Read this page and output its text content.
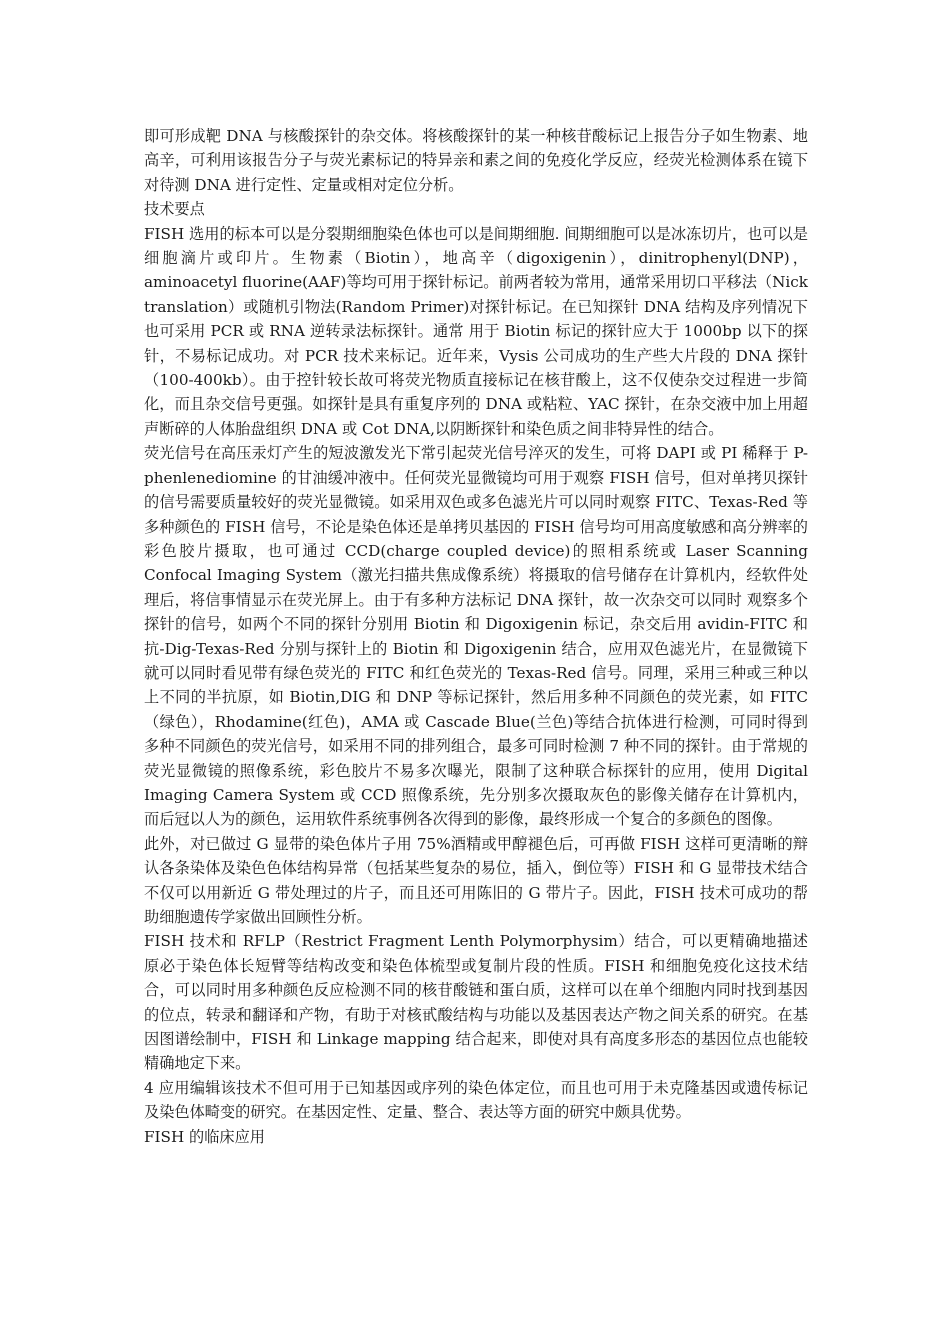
即可形成靶 DNA 与核酸探针的杂交体。将核酸探针的某一种核苷酸标记上报告分子如生物素、地高辛，可利用该报告分子与荧光素标记的特异亲和素之间的免疫化学反应，经荧光检测体系在镜下对待测 DNA 进行定性、定量或相对定位分析。

技术要点

FISH 选用的标本可以是分裂期细胞染色体也可以是间期细胞. 间期细胞可以是冰冻切片，也可以是细胞滴片或印片。生物素（Biotin），地高辛（digoxigenin），dinitrophenyl(DNP)，aminoacetyl fluorine(AAF)等均可用于探针标记。前两者较为常用，通常采用切口平移法（Nick translation）或随机引物法(Random Primer)对探针标记。在已知探针 DNA 结构及序列情况下也可采用 PCR 或 RNA 逆转录法标探针。通常 用于 Biotin 标记的探针应大于 1000bp 以下的探针，不易标记成功。对 PCR 技术来标记。近年来，Vysis 公司成功的生产些大片段的 DNA 探针（100-400kb）。由于控针较长故可将荧光物质直接标记在核苷酸上，这不仅使杂交过程进一步简化，而且杂交信号更强。如探针是具有重复序列的 DNA 或粘粒、YAC 探针，在杂交液中加上用超声断碎的人体胎盘组织 DNA 或 Cot DNA,以阴断探针和染色质之间非特异性的结合。

荧光信号在高压汞灯产生的短波激发光下常引起荧光信号淬灭的发生，可将 DAPI 或 PI 稀释于 P-phenlenediomine 的甘油缓冲液中。任何荧光显微镜均可用于观察 FISH 信号，但对单拷贝探针的信号需要质量较好的荧光显微镜。如采用双色或多色滤光片可以同时观察 FITC、Texas-Red 等多种颜色的 FISH 信号，不论是染色体还是单拷贝基因的 FISH 信号均可用高度敏感和高分辨率的彩色胶片摄取，也可通过 CCD(charge coupled device)的照相系统或 Laser Scanning Confocal Imaging System（激光扫描共焦成像系统）将摄取的信号储存在计算机内，经软件处理后，将信事情显示在荧光屏上。由于有多种方法标记 DNA 探针，故一次杂交可以同时 观察多个探针的信号，如两个不同的探针分别用 Biotin 和 Digoxigenin 标记，杂交后用 avidin-FITC 和抗-Dig-Texas-Red 分别与探针上的 Biotin 和 Digoxigenin 结合，应用双色滤光片，在显微镜下就可以同时看见带有绿色荧光的 FITC 和红色荧光的 Texas-Red 信号。同理，采用三种或三种以上不同的半抗原，如 Biotin,DIG 和 DNP 等标记探针，然后用多种不同颜色的荧光素，如 FITC（绿色），Rhodamine(红色)，AMA 或 Cascade Blue(兰色)等结合抗体进行检测，可同时得到多种不同颜色的荧光信号，如采用不同的排列组合，最多可同时检测 7 种不同的探针。由于常规的荧光显微镜的照像系统，彩色胶片不易多次曝光，限制了这种联合标探针的应用，使用 Digital Imaging Camera System 或 CCD 照像系统，先分别多次摄取灰色的影像关储存在计算机内，而后冠以人为的颜色，运用软件系统事例各次得到的影像，最终形成一个复合的多颜色的图像。

此外，对已做过 G 显带的染色体片子用 75%酒精或甲醇褪色后，可再做 FISH 这样可更清晰的辩认各条染体及染色色体结构异常（包括某些复杂的易位，插入，倒位等）FISH 和 G 显带技术结合不仅可以用新近 G 带处理过的片子，而且还可用陈旧的 G 带片子。因此，FISH 技术可成功的帮助细胞遗传学家做出回顾性分析。

FISH 技术和 RFLP（Restrict Fragment Lenth Polymorphysim）结合，可以更精确地描述原必于染色体长短臂等结构改变和染色体梳型或复制片段的性质。FISH 和细胞免疫化这技术结合，可以同时用多种颜色反应检测不同的核苷酸链和蛋白质，这样可以在单个细胞内同时找到基因的位点，转录和翻译和产物，有助于对核甙酸结构与功能以及基因表达产物之间关系的研究。在基因图谱绘制中，FISH 和 Linkage mapping 结合起来，即使对具有高度多形态的基因位点也能较精确地定下来。

4 应用编辑该技术不但可用于已知基因或序列的染色体定位，而且也可用于未克隆基因或遗传标记及染色体畸变的研究。在基因定性、定量、整合、表达等方面的研究中颇具优势。

FISH 的临床应用
